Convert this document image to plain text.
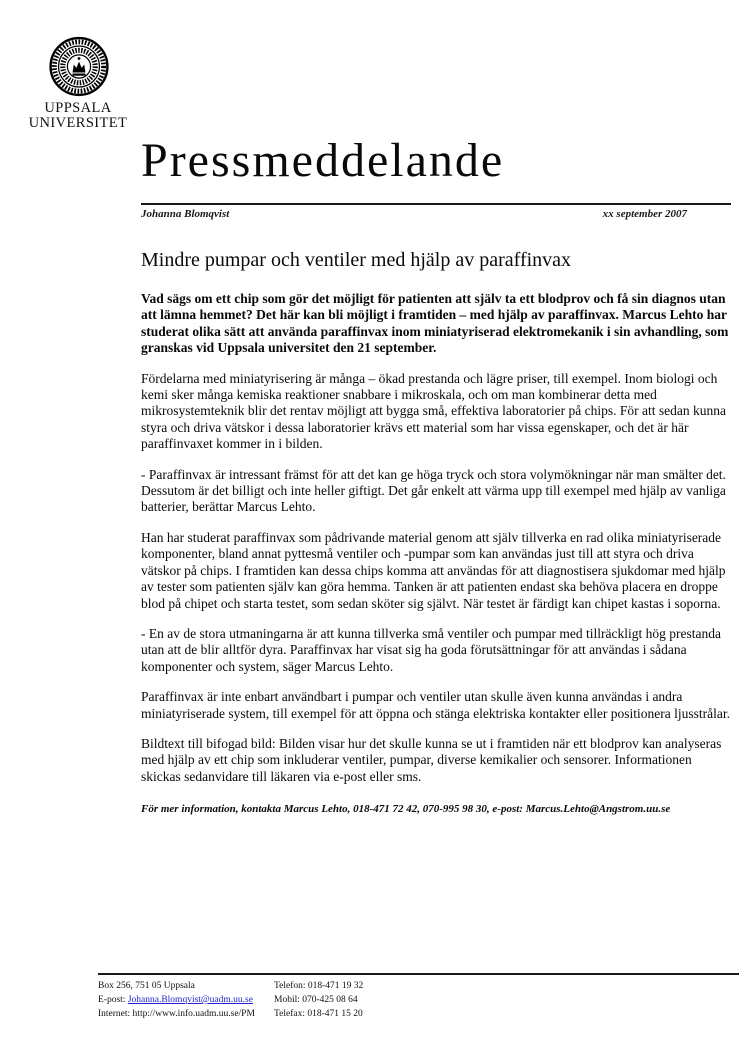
UPPSALA
UNIVERSITET
Pressmeddelande
Johanna Blomqvist	xx september 2007
Mindre pumpar och ventiler med hjälp av paraffinvax

Vad sägs om ett chip som gör det möjligt för patienten att själv ta ett blodprov och få sin diagnos utan att lämna hemmet? Det här kan bli möjligt i framtiden – med hjälp av paraffinvax. Marcus Lehto har studerat olika sätt att använda paraffinvax inom miniatyriserad elektromekanik i sin avhandling, som granskas vid Uppsala universitet den 21 september.

Fördelarna med miniatyrisering är många – ökad prestanda och lägre priser, till exempel. Inom biologi och kemi sker många kemiska reaktioner snabbare i mikroskala, och om man kombinerar detta med mikrosystemteknik blir det rentav möjligt att bygga små, effektiva laboratorier på chips. För att sedan kunna styra och driva vätskor i dessa laboratorier krävs ett material som har vissa egenskaper, och det är här paraffinvaxet kommer in i bilden.

- Paraffinvax är intressant främst för att det kan ge höga tryck och stora volymökningar när man smälter det. Dessutom är det billigt och inte heller giftigt. Det går enkelt att värma upp till exempel med hjälp av vanliga batterier, berättar Marcus Lehto.

Han har studerat paraffinvax som pådrivande material genom att själv tillverka en rad olika miniatyriserade komponenter, bland annat pyttesmå ventiler och -pumpar som kan användas just till att styra och driva vätskor på chips. I framtiden kan dessa chips komma att användas för att diagnostisera sjukdomar med hjälp av tester som patienten själv kan göra hemma. Tanken är att patienten endast ska behöva placera en droppe blod på chipet och starta testet, som sedan sköter sig självt. När testet är färdigt kan chipet kastas i soporna.

- En av de stora utmaningarna är att kunna tillverka små ventiler och pumpar med tillräckligt hög prestanda utan att de blir alltför dyra. Paraffinvax har visat sig ha goda förutsättningar för att användas i sådana komponenter och system, säger Marcus Lehto.

Paraffinvax är inte enbart användbart i pumpar och ventiler utan skulle även kunna användas i andra miniatyriserade system, till exempel för att öppna och stänga elektriska kontakter eller positionera ljusstrålar.

Bildtext till bifogad bild: Bilden visar hur det skulle kunna se ut i framtiden när ett blodprov kan analyseras med hjälp av ett chip som inkluderar ventiler, pumpar, diverse kemikalier och sensorer. Informationen skickas sedanvidare till läkaren via e-post eller sms.

För mer information, kontakta Marcus Lehto, 018-471 72 42, 070-995 98 30, e-post: Marcus.Lehto@Angstrom.uu.se

Box 256, 751 05 Uppsala
E-post: Johanna.Blomqvist@uadm.uu.se
Internet: http://www.info.uadm.uu.se/PM
Telefon: 018-471 19 32
Mobil: 070-425 08 64
Telefax: 018-471 15 20
